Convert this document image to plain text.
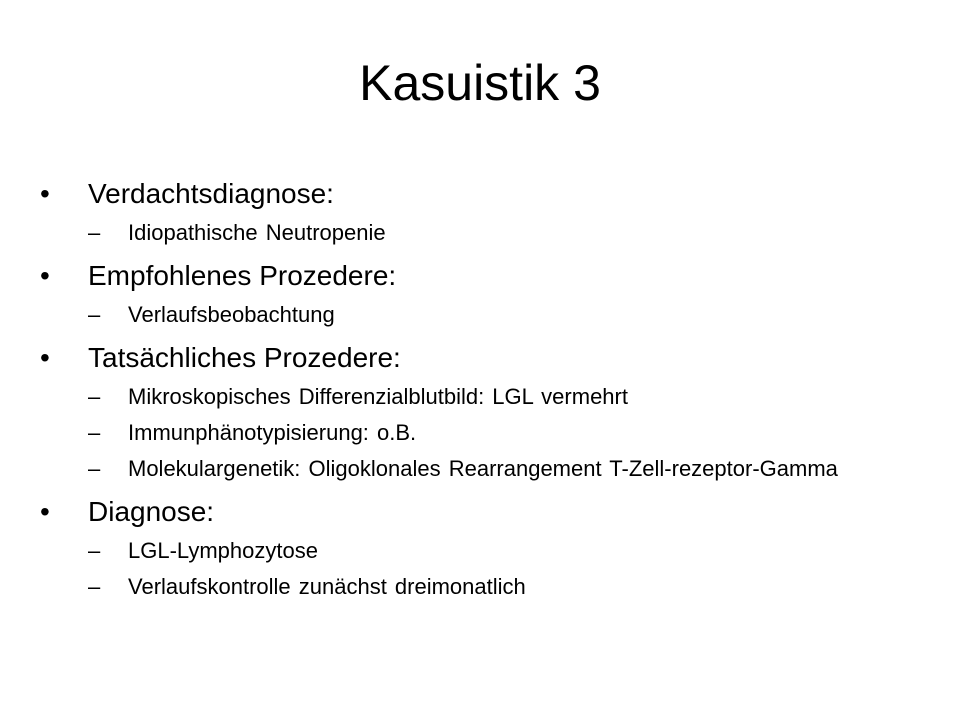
Kasuistik 3
•	Verdachtsdiagnose:
– Idiopathische Neutropenie
•	Empfohlenes Prozedere:
– Verlaufsbeobachtung
•	Tatsächliches Prozedere:
– Mikroskopisches Differenzialblutbild: LGL vermehrt
– Immunphänotypisierung: o.B.
– Molekulargenetik: Oligoklonales Rearrangement T-Zell-rezeptor-Gamma
•	Diagnose:
– LGL-Lymphozytose
– Verlaufskontrolle zunächst dreimonatlich
